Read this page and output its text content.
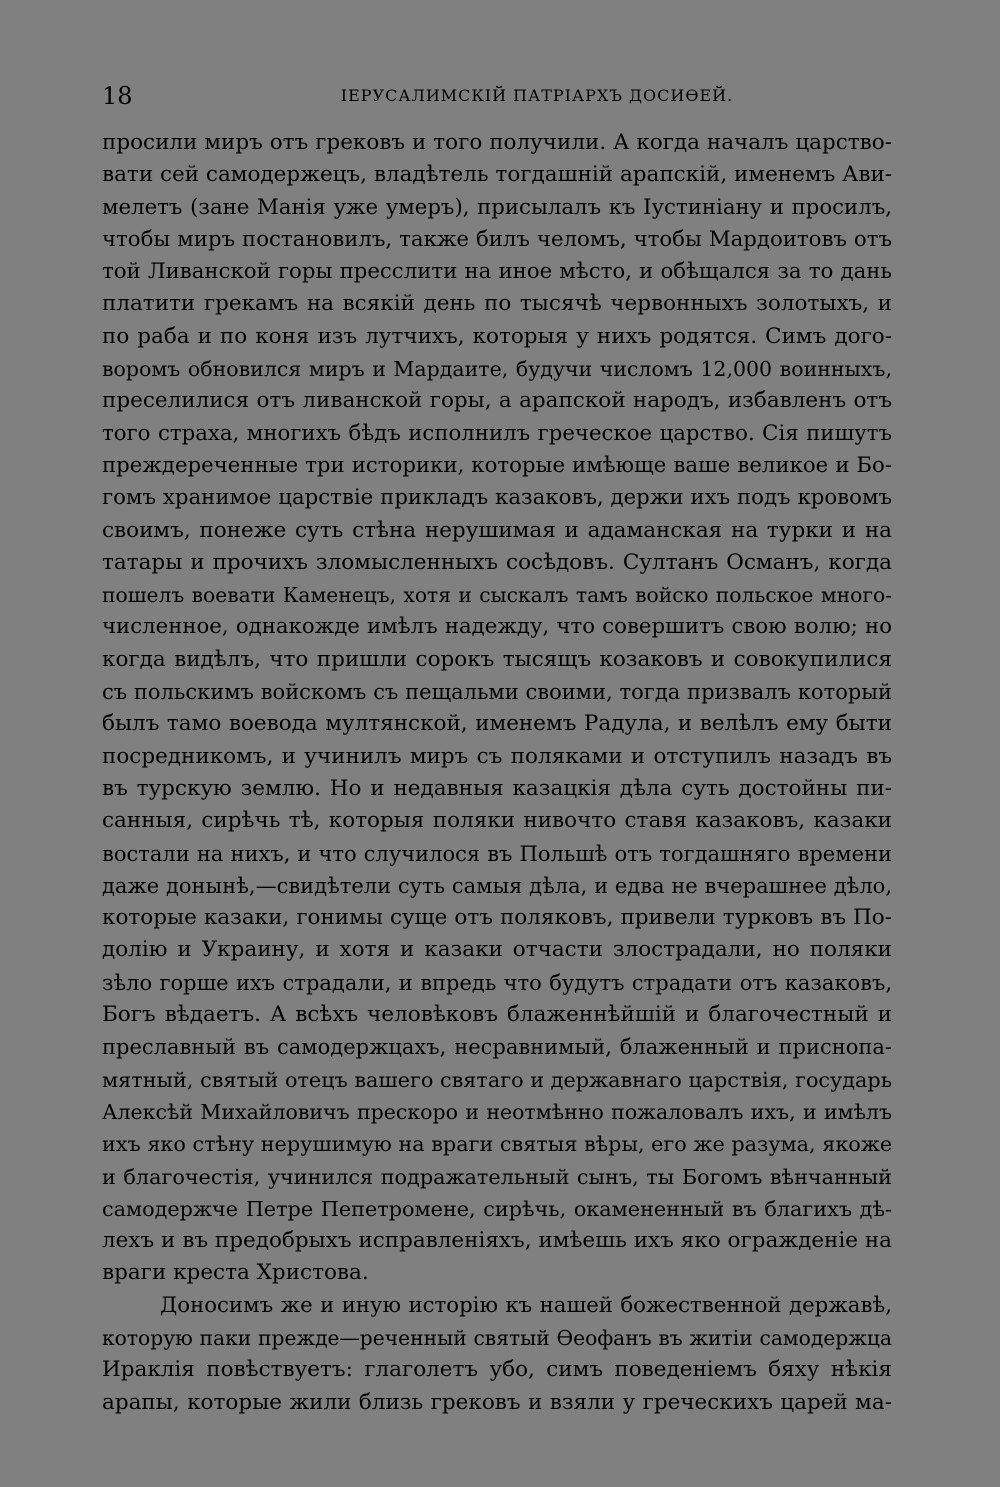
18	IЕРУСАЛИМСКIЙ ПАТРIАРХЪ ДОСИѲЕЙ.
просили миръ отъ грековъ и того получили. А когда началъ царство-
вати сей самодержецъ, владѣтель тогдашнiй арапскiй, именемъ Ави-
мелетъ (зане Манiя уже умеръ), присылалъ къ Iустинiану и просилъ,
чтобы миръ постановилъ, также билъ челомъ, чтобы Мардоитовъ отъ
той Ливанской горы пресслити на иное мѣсто, и обѣщался за то дань
платити грекамъ на всякiй день по тысячѣ червонныхъ золотыхъ, и
по раба и по коня изъ лутчихъ, которыя у нихъ родятся. Симъ дого-
воромъ обновился миръ и Мардаите, будучи числомъ 12,000 воинныхъ,
преселилися отъ ливанской горы, а арапской народъ, избавленъ отъ
того страха, многихъ бѣдъ исполнилъ греческое царство. Сiя пишутъ
преждереченные три историки, которые имѣюще ваше великое и Бо-
гомъ хранимое царствiе прикладъ казаковъ, держи ихъ подъ кровомъ
своимъ, понеже суть стѣна нерушимая и адаманская на турки и на
татары и прочихъ зломысленныхъ сосѣдовъ. Султанъ Османъ, когда
пошелъ воевати Каменецъ, хотя и сыскалъ тамъ войско польское много-
численное, однакожде имѣлъ надежду, что совершитъ свою волю; но
когда видѣлъ, что пришли сорокъ тысящъ козаковъ и совокупилися
съ польскимъ войскомъ съ пещальми своими, тогда призвалъ который
былъ тамо воевода мултянской, именемъ Радула, и велѣлъ ему быти
посредникомъ, и учинилъ миръ съ поляками и отступилъ назадъ въ
въ турскую землю. Но и недавныя казацкiя дѣла суть достойны пи-
санныя, сирѣчь тѣ, которыя поляки нивочто ставя казаковъ, казаки
востали на нихъ, и что случилося въ Польшѣ отъ тогдашняго времени
даже донынѣ,—свидѣтели суть самыя дѣла, и едва не вчерашнее дѣло,
которые казаки, гонимы суще отъ поляковъ, привели турковъ въ По-
долiю и Украину, и хотя и казаки отчасти злострадали, но поляки
зѣло горше ихъ страдали, и впредь что будутъ страдати отъ казаковъ,
Богъ вѣдаетъ. А всѣхъ человѣковъ блаженнѣйшiй и благочестный и
преславный въ самодержцахъ, несравнимый, блаженный и приснопа-
мятный, святый отецъ вашего святаго и державнаго царствiя, государь
Алексѣй Михайловичъ прескоро и неотмѣнно пожаловалъ ихъ, и имѣлъ
ихъ яко стѣну нерушимую на враги святыя вѣры, его же разума, якоже
и благочестiя, учинился подражательный сынъ, ты Богомъ вѣнчанный
самодержче Петре Пепетромене, сирѣчь, окамененный въ благихъ дѣ-
лехъ и въ предобрыхъ исправленiяхъ, имѣешь ихъ яко огражденiе на
враги креста Христова.
Доносимъ же и иную исторiю къ нашей божественной державѣ,
которую паки прежде—реченный святый Ѳеофанъ въ житiи самодержца
Ираклiя повѣствуетъ: глаголетъ убо, симъ поведенiемъ бяху нѣкiя
арапы, которые жили близь грековъ и взяли у греческихъ царей ма-
